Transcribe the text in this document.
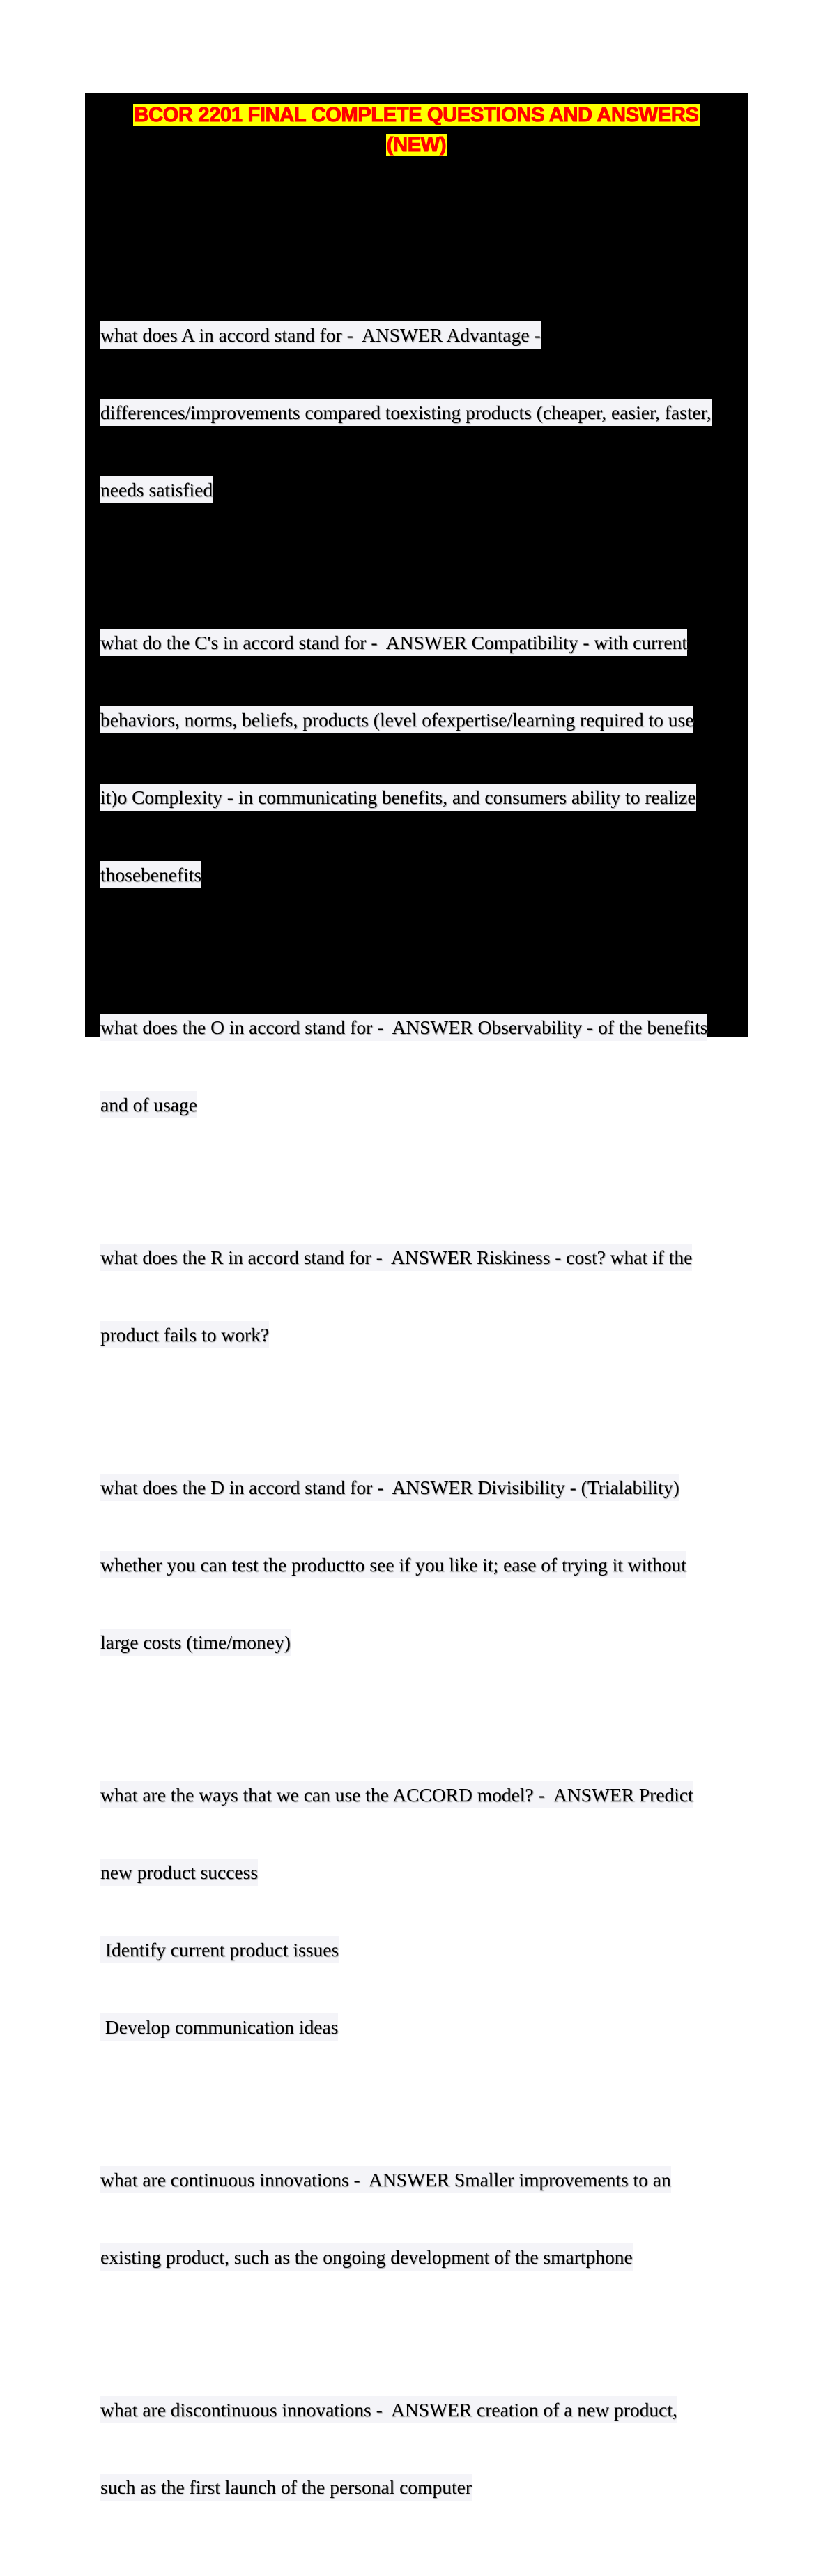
BCOR 2201 FINAL COMPLETE QUESTIONS AND ANSWERS
(NEW)

what does A in accord stand for -  ANSWER Advantage -

differences/improvements compared toexisting products (cheaper, easier, faster,

needs satisfied

what do the C's in accord stand for -  ANSWER Compatibility - with current

behaviors, norms, beliefs, products (level ofexpertise/learning required to use

it)o Complexity - in communicating benefits, and consumers ability to realize

thosebenefits

what does the O in accord stand for -  ANSWER Observability - of the benefits

and of usage

what does the R in accord stand for -  ANSWER Riskiness - cost? what if the

product fails to work?

what does the D in accord stand for -  ANSWER Divisibility - (Trialability)

whether you can test the productto see if you like it; ease of trying it without

large costs (time/money)

what are the ways that we can use the ACCORD model? -  ANSWER Predict

new product success

Identify current product issues

Develop communication ideas

what are continuous innovations -  ANSWER Smaller improvements to an

existing product, such as the ongoing development of the smartphone

what are discontinuous innovations -  ANSWER creation of a new product,

such as the first launch of the personal computer
